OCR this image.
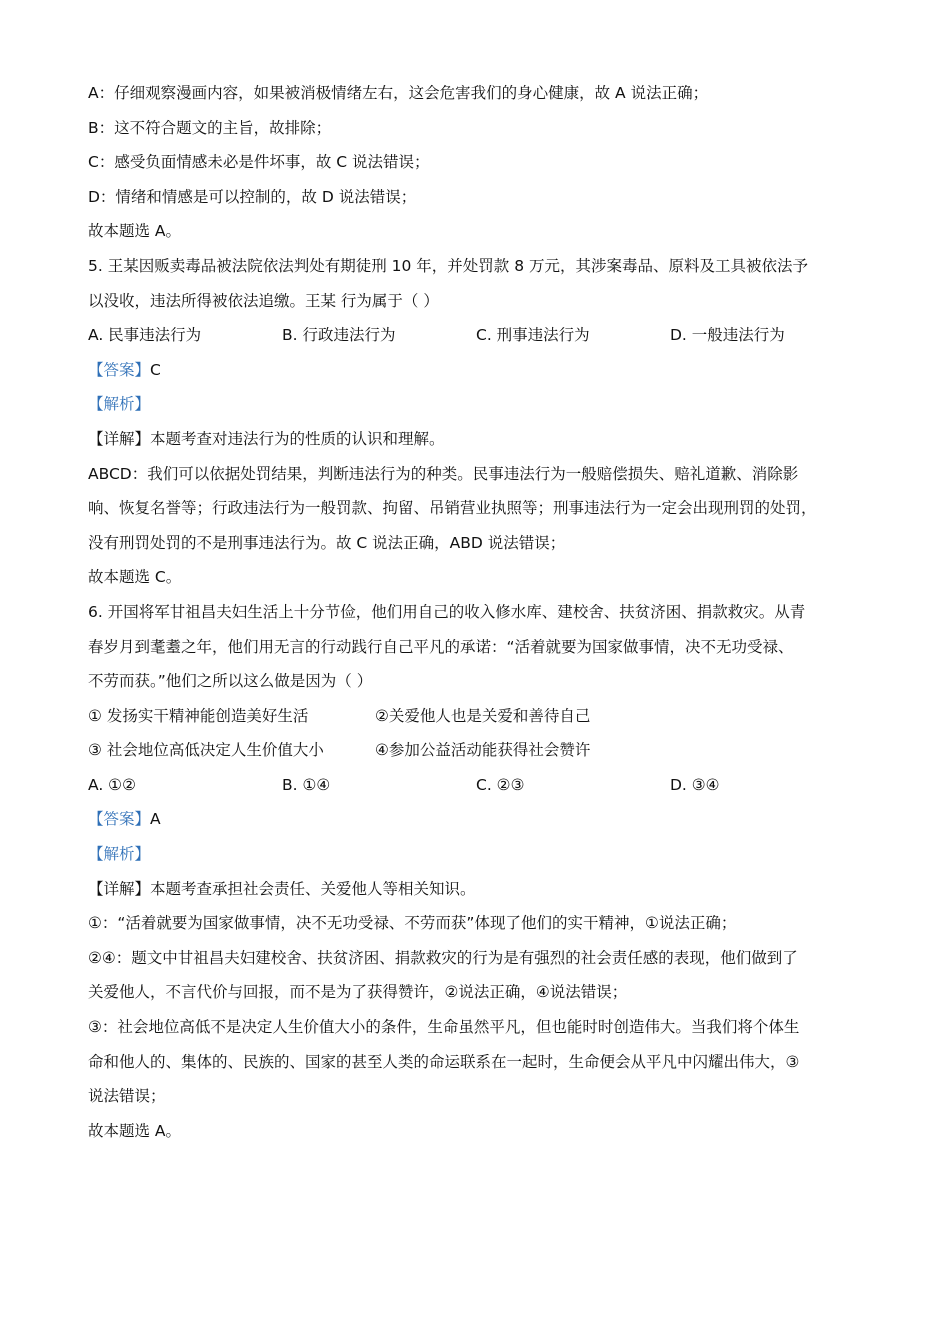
A：仔细观察漫画内容，如果被消极情绪左右，这会危害我们的身心健康，故 A 说法正确；
B：这不符合题文的主旨，故排除；
C：感受负面情感未必是件坏事，故 C 说法错误；
D：情绪和情感是可以控制的，故 D 说法错误；
故本题选 A。
5. 王某因贩卖毒品被法院依法判处有期徒刑 10 年，并处罚款 8 万元，其涉案毒品、原料及工具被依法予
以没收，违法所得被依法追缴。王某 行为属于（ ）
A. 民事违法行为	B. 行政违法行为	C. 刑事违法行为	D. 一般违法行为
【答案】C
【解析】
【详解】本题考查对违法行为的性质的认识和理解。
ABCD：我们可以依据处罚结果，判断违法行为的种类。民事违法行为一般赔偿损失、赔礼道歉、消除影
响、恢复名誉等；行政违法行为一般罚款、拘留、吊销营业执照等；刑事违法行为一定会出现刑罚的处罚，
没有刑罚处罚的不是刑事违法行为。故 C 说法正确，ABD 说法错误；
故本题选 C。
6. 开国将军甘祖昌夫妇生活上十分节俭，他们用自己的收入修水库、建校舍、扶贫济困、捐款救灾。从青
春岁月到耄耋之年，他们用无言的行动践行自己平凡的承诺：“活着就要为国家做事情，决不无功受禄、
不劳而获。”他们之所以这么做是因为（ ）
① 发扬实干精神能创造美好生活	②关爱他人也是关爱和善待自己
③ 社会地位高低决定人生价值大小	④参加公益活动能获得社会赞许
A. ①②	B. ①④	C. ②③	D. ③④
【答案】A
【解析】
【详解】本题考查承担社会责任、关爱他人等相关知识。
①：“活着就要为国家做事情，决不无功受禄、不劳而获”体现了他们的实干精神，①说法正确；
②④：题文中甘祖昌夫妇建校舍、扶贫济困、捐款救灾的行为是有强烈的社会责任感的表现，他们做到了
关爱他人，不言代价与回报，而不是为了获得赞许，②说法正确，④说法错误；
③：社会地位高低不是决定人生价值大小的条件，生命虽然平凡，但也能时时创造伟大。当我们将个体生
命和他人的、集体的、民族的、国家的甚至人类的命运联系在一起时，生命便会从平凡中闪耀出伟大，③
说法错误；
故本题选 A。
